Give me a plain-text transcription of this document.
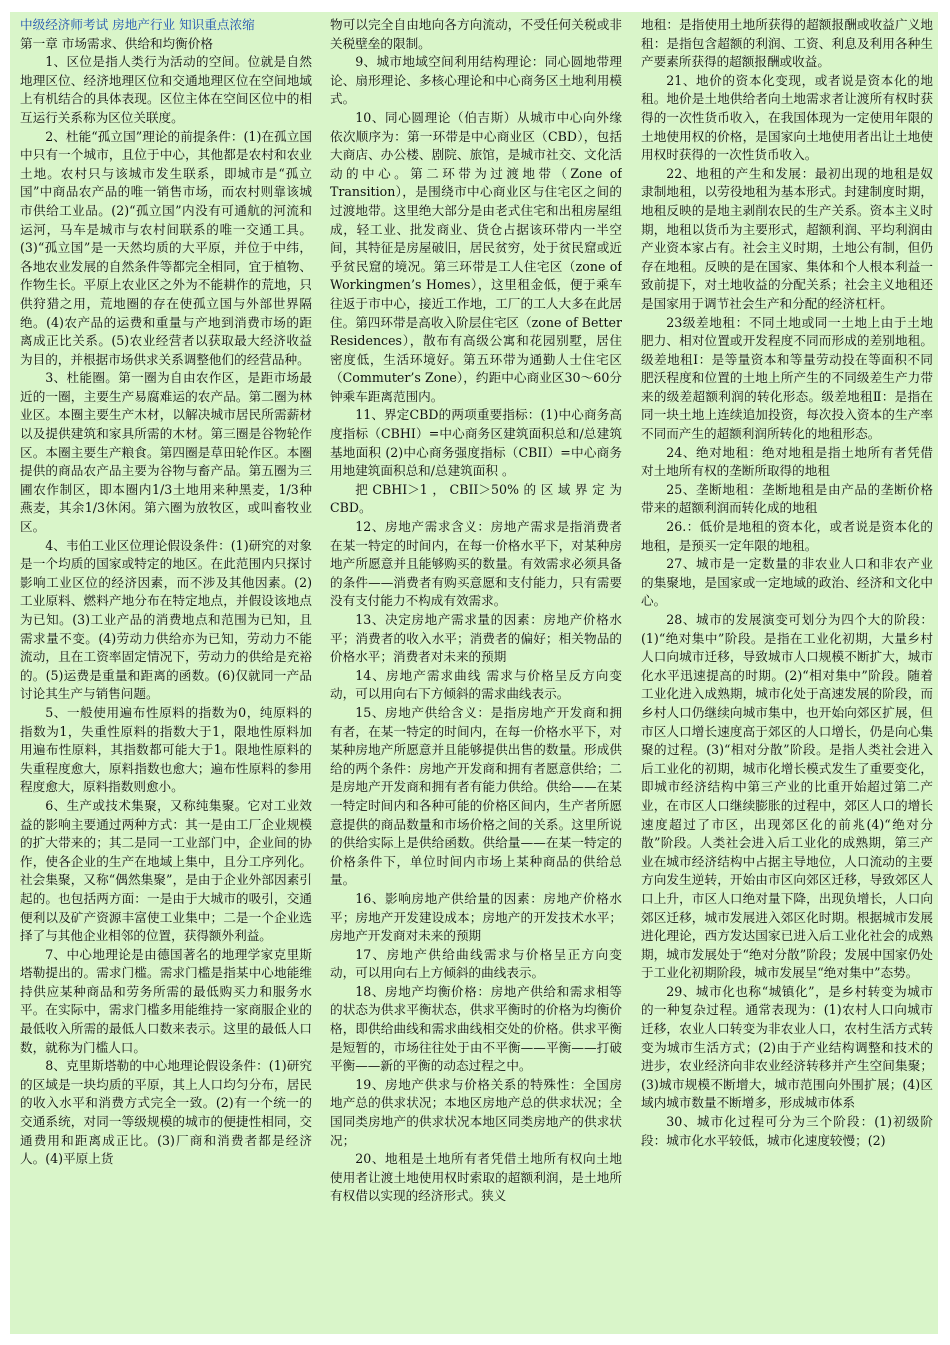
中级经济师考试 房地产行业 知识重点浓缩

第一章 市场需求、供给和均衡价格

1、区位是指人类行为活动的空间。位就是自然地理区位、经济地理区位和交通地理区位在空间地域上有机结合的具体表现。区位主体在空间区位中的相互运行关系称为区位关联度。

2、杜能“孤立国”理论的前提条件：(1)在孤立国中只有一个城市，且位于中心，其他都是农村和农业土地。农村只与该城市发生联系，即城市是“孤立国”中商品农产品的唯一销售市场，而农村则靠该城市供给工业品。(2)“孤立国”内没有可通航的河流和运河，马车是城市与农村间联系的唯一交通工具。(3)“孤立国”是一天然均质的大平原，并位于中纬，各地农业发展的自然条件等都完全相同，宜于植物、作物生长。平原上农业区之外为不能耕作的荒地，只供狩猎之用，荒地圈的存在使孤立国与外部世界隔绝。(4)农产品的运费和重量与产地到消费市场的距离成正比关系。(5)农业经营者以获取最大经济收益为目的，并根据市场供求关系调整他们的经营品种。

3、杜能圈。第一圈为自由农作区，是距市场最近的一圈，主要生产易腐难运的农产品。第二圈为林业区。本圈主要生产木材，以解决城市居民所需薪材以及提供建筑和家具所需的木材。第三圈是谷物轮作区。本圈主要生产粮食。第四圈是草田轮作区。本圈提供的商品农产品主要为谷物与畜产品。第五圈为三圃农作制区，即本圈内1/3土地用来种黑麦，1/3种燕麦，其余1/3休闲。第六圈为放牧区，或叫畜牧业区。

4、韦伯工业区位理论假设条件：(1)研究的对象是一个均质的国家或特定的地区。在此范围内只探讨影响工业区位的经济因素，而不涉及其他因素。(2)工业原料、燃料产地分布在特定地点，并假设该地点为已知。(3)工业产品的消费地点和范围为已知，且需求量不变。(4)劳动力供给亦为已知，劳动力不能流动，且在工资率固定情况下，劳动力的供给是充裕的。(5)运费是重量和距离的函数。(6)仅就同一产品讨论其生产与销售问题。

5、一般使用遍布性原料的指数为0，纯原料的指数为1，失重性原料的指数大于1，限地性原料加用遍布性原料，其指数都可能大于1。限地性原料的失重程度愈大，原料指数也愈大；遍布性原料的参用程度愈大，原料指数则愈小。

6、生产或技术集聚，又称纯集聚。它对工业效益的影响主要通过两种方式：其一是由工厂企业规模的扩大带来的；其二是同一工业部门中，企业间的协作，使各企业的生产在地域上集中，且分工序列化。社会集聚，又称“偶然集聚”，是由于企业外部因素引起的。也包括两方面：一是由于大城市的吸引，交通便利以及矿产资源丰富使工业集中；二是一个企业选择了与其他企业相邻的位置，获得额外利益。

7、中心地理论是由德国著名的地理学家克里斯塔勒提出的。需求门槛。需求门槛是指某中心地能维持供应某种商品和劳务所需的最低购买力和服务水平。在实际中，需求门槛多用能维持一家商服企业的最低收入所需的最低人口数来表示。这里的最低人口数，就称为门槛人口。

8、克里斯塔勒的中心地理论假设条件：(1)研究的区域是一块均质的平原，其上人口均匀分布，居民的收入水平和消费方式完全一致。(2)有一个统一的交通系统，对同一等级规模的城市的便捷性相同，交通费用和距离成正比。(3)厂商和消费者都是经济人。(4)平原上货

物可以完全自由地向各方向流动，不受任何关税或非关税壁垒的限制。

9、城市地域空间利用结构理论：同心圆地带理论、扇形理论、多核心理论和中心商务区土地利用模式。

10、同心圆理论（伯吉斯）从城市中心向外缘依次顺序为：第一环带是中心商业区（CBD），包括大商店、办公楼、剧院、旅馆，是城市社交、文化活动的中心。第二环带为过渡地带（Zone of Transition），是围绕市中心商业区与住宅区之间的过渡地带。这里绝大部分是由老式住宅和出租房屋组成，轻工业、批发商业、货仓占据该环带内一半空间，其特征是房屋破旧，居民贫穷，处于贫民窟或近乎贫民窟的境况。第三环带是工人住宅区（zone of Workingmen’s Homes），这里租金低，便于乘车往返于市中心，接近工作地，工厂的工人大多在此居住。第四环带是高收入阶层住宅区（zone of Better Residences），散布有高级公寓和花园别墅，居住密度低，生活环境好。第五环带为通勤人士住宅区（Commuter’s Zone），约距中心商业区30～60分钟乘车距离范围内。

11、界定CBD的两项重要指标：(1)中心商务高度指标（CBHI）=中心商务区建筑面积总和/总建筑基地面积 (2)中心商务强度指标（CBII）=中心商务用地建筑面积总和/总建筑面积 。

把CBHI＞1，CBII＞50%的区域界定为CBD。

12、房地产需求含义：房地产需求是指消费者在某一特定的时间内，在每一价格水平下，对某种房地产所愿意并且能够购买的数量。有效需求必须具备的条件——消费者有购买意愿和支付能力，只有需要没有支付能力不构成有效需求。

13、决定房地产需求量的因素：房地产价格水平；消费者的收入水平；消费者的偏好；相关物品的价格水平；消费者对未来的预期

14、房地产需求曲线 需求与价格呈反方向变动，可以用向右下方倾斜的需求曲线表示。

15、房地产供给含义：是指房地产开发商和拥有者，在某一特定的时间内，在每一价格水平下，对某种房地产所愿意并且能够提供出售的数量。形成供给的两个条件：房地产开发商和拥有者愿意供给；二是房地产开发商和拥有者有能力供给。供给——在某一特定时间内和各种可能的价格区间内，生产者所愿意提供的商品数量和市场价格之间的关系。这里所说的供给实际上是供给函数。供给量——在某一特定的价格条件下，单位时间内市场上某种商品的供给总量。

16、影响房地产供给量的因素：房地产价格水平；房地产开发建设成本；房地产的开发技术水平；房地产开发商对未来的预期

17、房地产供给曲线需求与价格呈正方向变动，可以用向右上方倾斜的曲线表示。

18、房地产均衡价格：房地产供给和需求相等的状态为供求平衡状态，供求平衡时的价格为均衡价格，即供给曲线和需求曲线相交处的价格。供求平衡是短暂的，市场往往处于由不平衡——平衡——打破平衡——新的平衡的动态过程之中。

19、房地产供求与价格关系的特殊性：全国房地产总的供求状况；本地区房地产总的供求状况；全国同类房地产的供求状况本地区同类房地产的供求状况；

20、地租是土地所有者凭借土地所有权向土地使用者让渡土地使用权时索取的超额利润，是土地所有权借以实现的经济形式。狭义

地租：是指使用土地所获得的超额报酬或收益广义地租：是指包含超额的利润、工资、利息及利用各种生产要素所获得的超额报酬或收益。

21、地价的资本化变现，或者说是资本化的地租。地价是土地供给者向土地需求者让渡所有权时获得的一次性货币收入，在我国体现为一定使用年限的土地使用权的价格，是国家向土地使用者出让土地使用权时获得的一次性货币收入。

22、地租的产生和发展：最初出现的地租是奴隶制地租，以劳役地租为基本形式。封建制度时期，地租反映的是地主剥削农民的生产关系。资本主义时期，地租以货币为主要形式，超额利润、平均利润由产业资本家占有。社会主义时期，土地公有制，但仍存在地租。反映的是在国家、集体和个人根本利益一致前提下，对土地收益的分配关系；社会主义地租还是国家用于调节社会生产和分配的经济杠杆。

23级差地租：不同土地或同一土地上由于土地肥力、相对位置或开发程度不同而形成的差别地租。级差地租Ⅰ：是等量资本和等量劳动投在等面积不同肥沃程度和位置的土地上所产生的不同级差生产力带来的级差超额利润的转化形态。级差地租Ⅱ：是指在同一块土地上连续追加投资，每次投入资本的生产率不同而产生的超额利润所转化的地租形态。

24、绝对地租：绝对地租是指土地所有者凭借对土地所有权的垄断所取得的地租

25、垄断地租：垄断地租是由产品的垄断价格带来的超额利润而转化成的地租

26.：低价是地租的资本化，或者说是资本化的地租，是预买一定年限的地租。

27、城市是一定数量的非农业人口和非农产业的集聚地，是国家或一定地域的政治、经济和文化中心。

28、城市的发展演变可划分为四个大的阶段：(1)“绝对集中”阶段。是指在工业化初期，大量乡村人口向城市迁移，导致城市人口规模不断扩大，城市化水平迅速提高的时期。(2)“相对集中”阶段。随着工业化进入成熟期，城市化处于高速发展的阶段，而乡村人口仍继续向城市集中，也开始向郊区扩展，但市区人口增长速度高于郊区的人口增长，仍是向心集聚的过程。(3)“相对分散”阶段。是指人类社会进入后工业化的初期，城市化增长模式发生了重要变化，即城市经济结构中第三产业的比重开始超过第二产业，在市区人口继续膨胀的过程中，郊区人口的增长速度超过了市区，出现郊区化的前兆(4)“绝对分散”阶段。人类社会进入后工业化的成熟期，第三产业在城市经济结构中占据主导地位，人口流动的主要方向发生逆转，开始由市区向郊区迁移，导致郊区人口上升，市区人口绝对量下降，出现负增长，人口向郊区迁移，城市发展进入郊区化时期。根据城市发展进化理论，西方发达国家已进入后工业化社会的成熟期，城市发展处于“绝对分散”阶段；发展中国家仍处于工业化初期阶段，城市发展呈“绝对集中”态势。

29、城市化也称“城镇化”，是乡村转变为城市的一种复杂过程。通常表现为：(1)农村人口向城市迁移，农业人口转变为非农业人口，农村生活方式转变为城市生活方式；(2)由于产业结构调整和技术的进步，农业经济向非农业经济转移并产生空间集聚；(3)城市规模不断增大，城市范围向外围扩展；(4)区域内城市数量不断增多，形成城市体系

30、城市化过程可分为三个阶段：(1)初级阶段：城市化水平较低，城市化速度较慢；(2)
